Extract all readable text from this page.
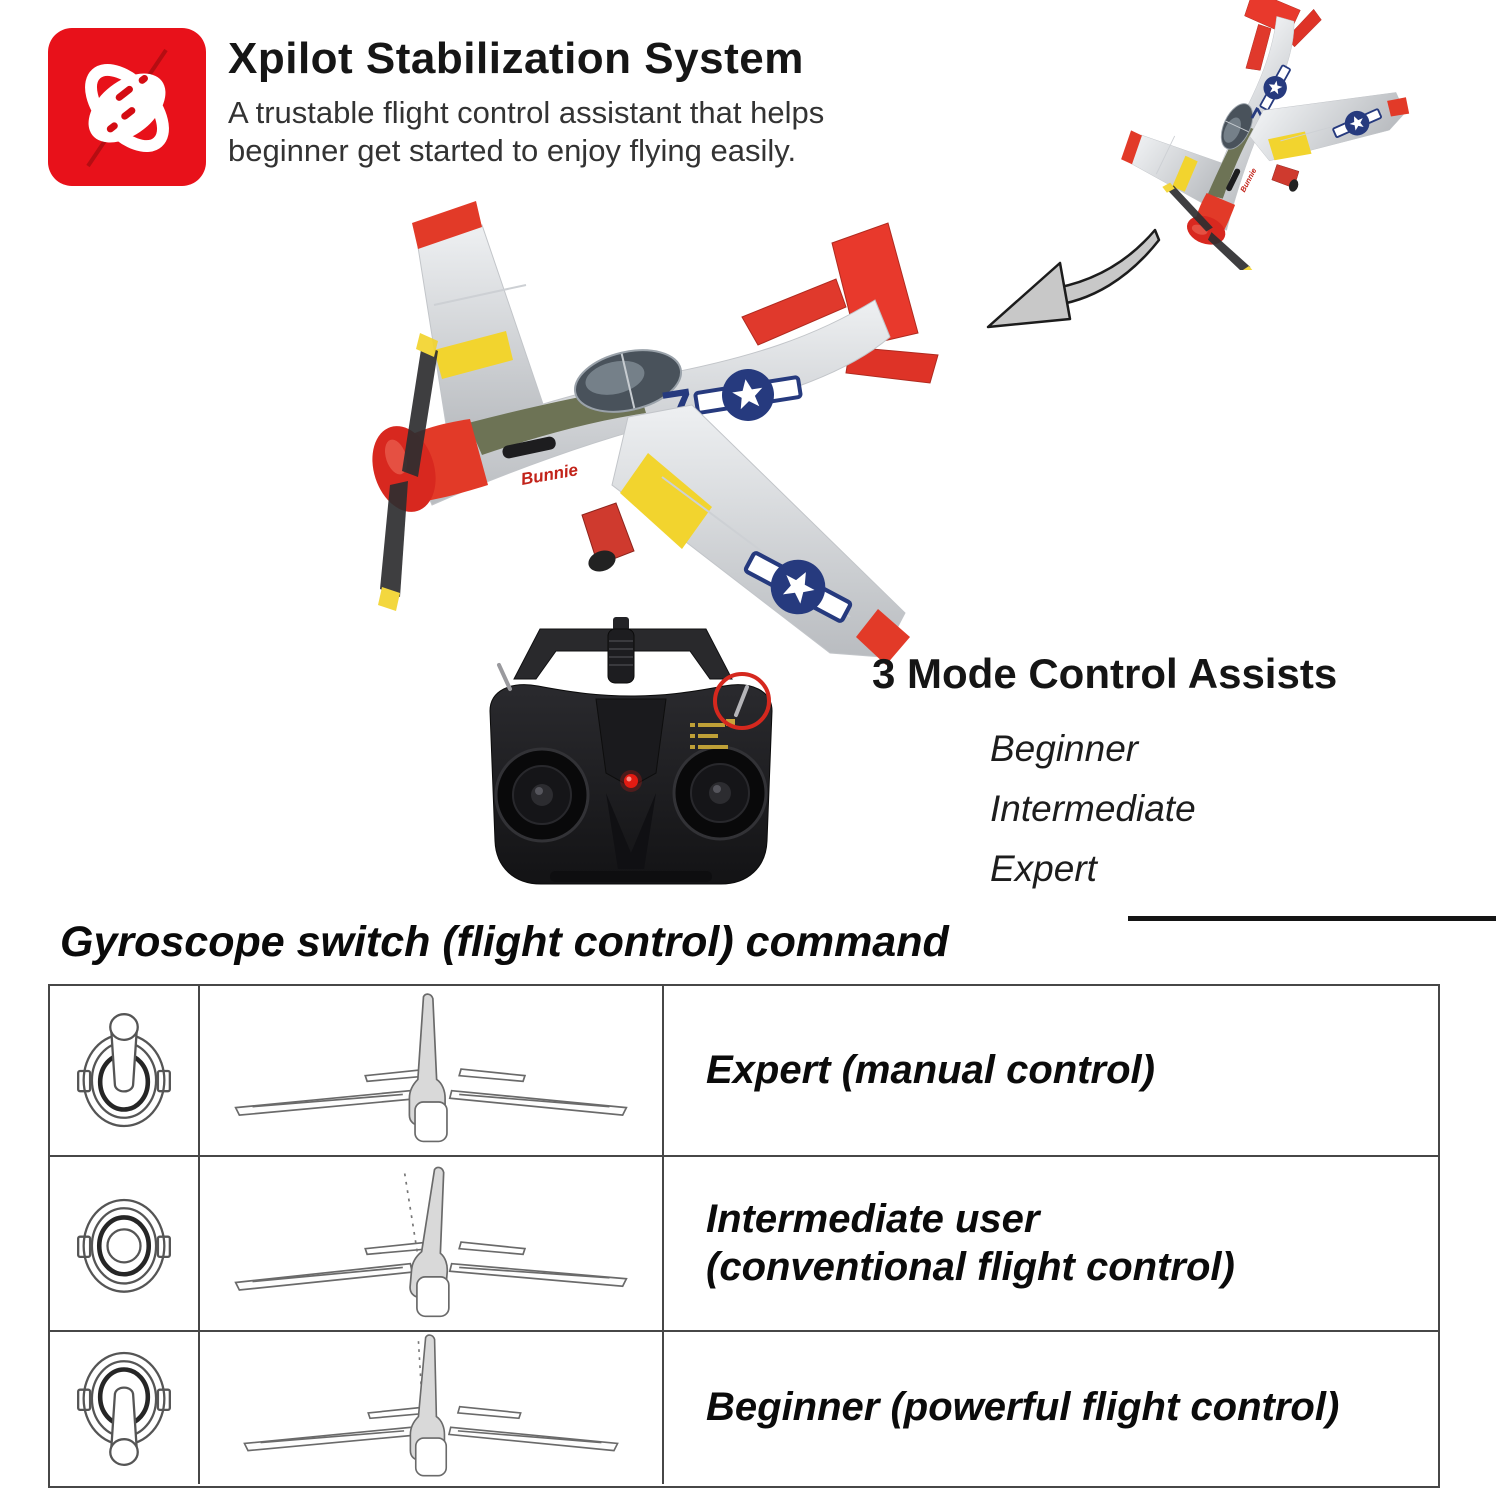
Xpilot Stabilization System
A trustable flight control assistant that helps
beginner get started to enjoy flying easily.
3 Mode Control Assists
Beginner
Intermediate
Expert
Gyroscope switch (flight control) command
Expert (manual control)
Intermediate user
(conventional flight control)
Beginner (powerful flight control)
